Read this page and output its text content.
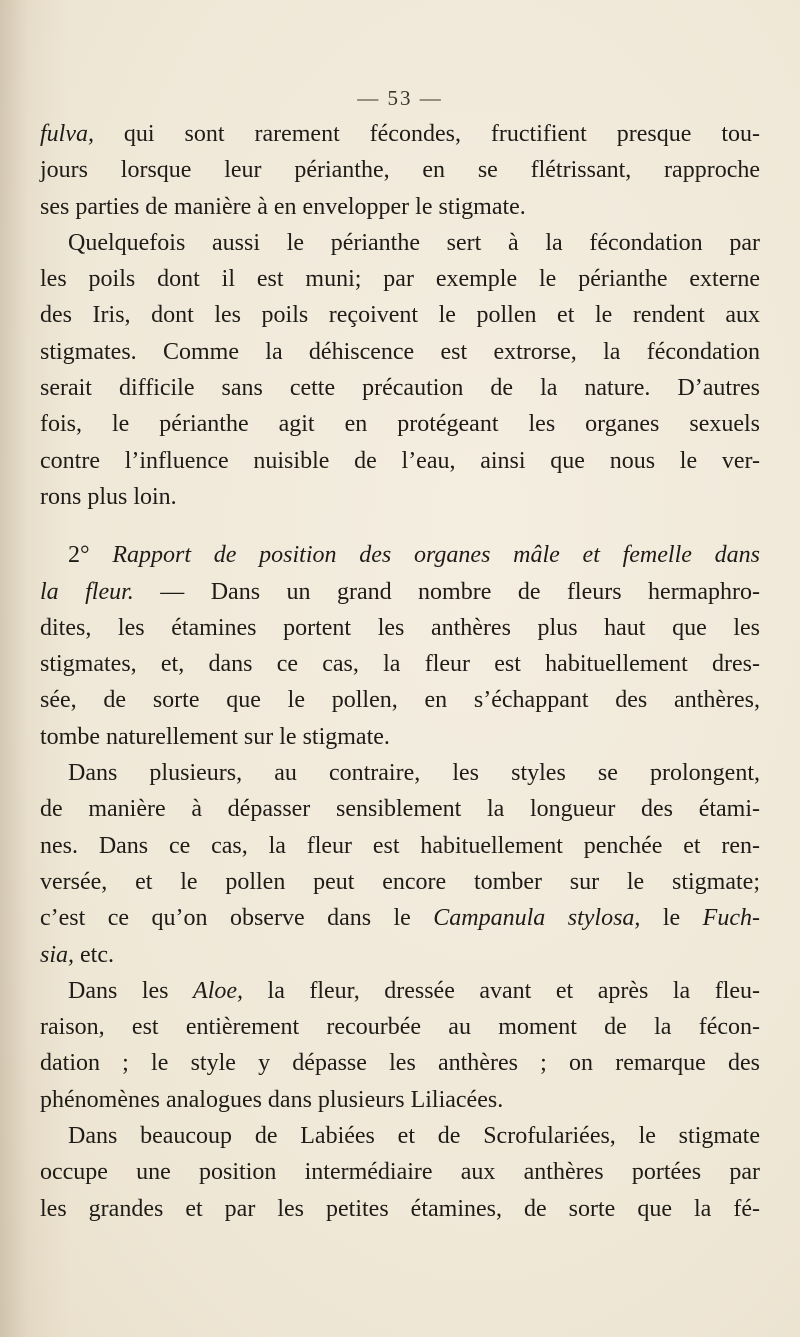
— 53 —
fulva, qui sont rarement fécondes, fructifient presque tou-
jours lorsque leur périanthe, en se flétrissant, rapproche
ses parties de manière à en envelopper le stigmate.
Quelquefois aussi le périanthe sert à la fécondation par
les poils dont il est muni; par exemple le périanthe externe
des Iris, dont les poils reçoivent le pollen et le rendent aux
stigmates. Comme la déhiscence est extrorse, la fécondation
serait difficile sans cette précaution de la nature. D’autres
fois, le périanthe agit en protégeant les organes sexuels
contre l’influence nuisible de l’eau, ainsi que nous le ver-
rons plus loin.
2° Rapport de position des organes mâle et femelle dans
la fleur. — Dans un grand nombre de fleurs hermaphro-
dites, les étamines portent les anthères plus haut que les
stigmates, et, dans ce cas, la fleur est habituellement dres-
sée, de sorte que le pollen, en s’échappant des anthères,
tombe naturellement sur le stigmate.
Dans plusieurs, au contraire, les styles se prolongent,
de manière à dépasser sensiblement la longueur des étami-
nes. Dans ce cas, la fleur est habituellement penchée et ren-
versée, et le pollen peut encore tomber sur le stigmate;
c’est ce qu’on observe dans le Campanula stylosa, le Fuch-
sia, etc.
Dans les Aloe, la fleur, dressée avant et après la fleu-
raison, est entièrement recourbée au moment de la fécon-
dation ; le style y dépasse les anthères ; on remarque des
phénomènes analogues dans plusieurs Liliacées.
Dans beaucoup de Labiées et de Scrofulariées, le stigmate
occupe une position intermédiaire aux anthères portées par
les grandes et par les petites étamines, de sorte que la fé-
